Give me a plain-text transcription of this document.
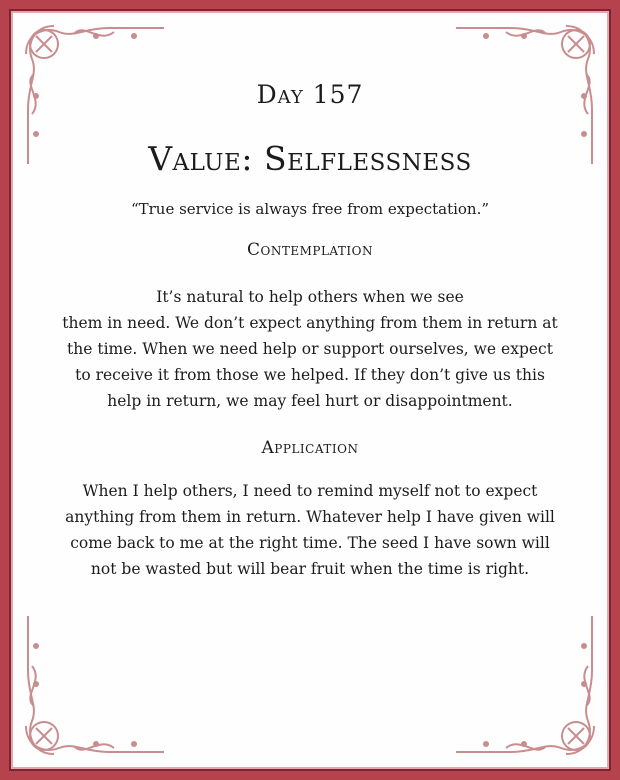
Day 157
Value: Selflessness

“True service is always free from expectation.”

Contemplation

It’s natural to help others when we see
them in need. We don’t expect anything from them in return at
the time. When we need help or support ourselves, we expect
to receive it from those we helped. If they don’t give us this
help in return, we may feel hurt or disappointment.

Application

When I help others, I need to remind myself not to expect
anything from them in return. Whatever help I have given will
come back to me at the right time. The seed I have sown will
not be wasted but will bear fruit when the time is right.
